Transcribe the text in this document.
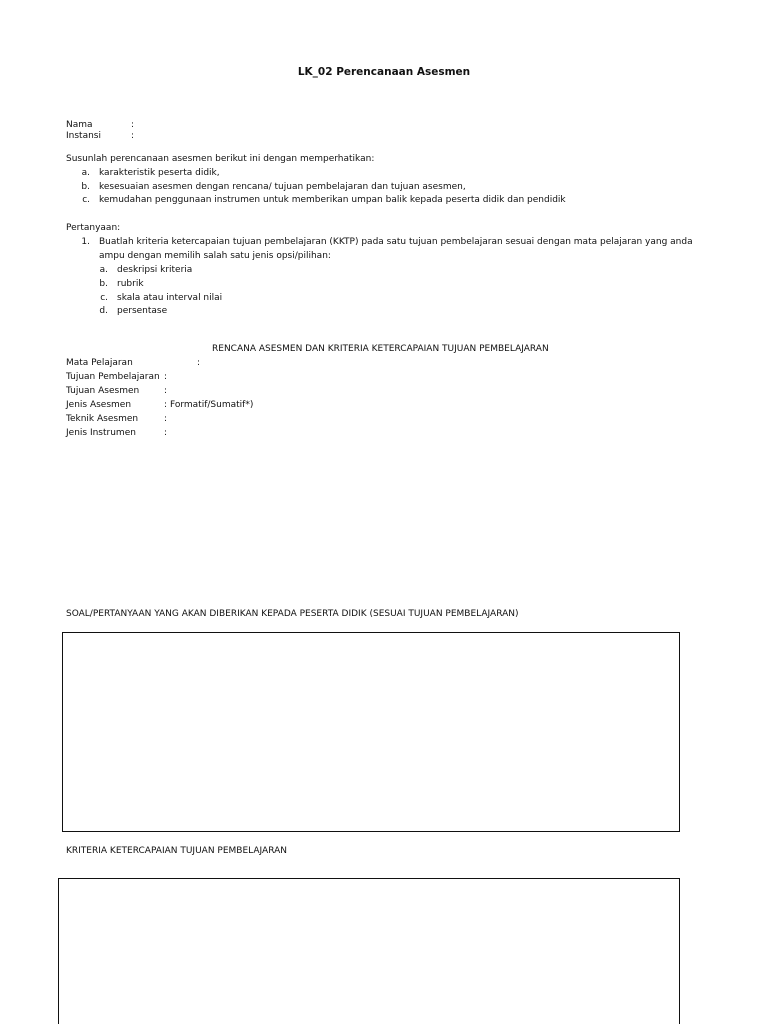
LK_02 Perencanaan Asesmen
Nama	:
Instansi	:
Susunlah perencanaan asesmen berikut ini dengan memperhatikan:
a. karakteristik peserta didik,
b. kesesuaian asesmen dengan rencana/ tujuan pembelajaran dan tujuan asesmen,
c. kemudahan penggunaan instrumen untuk memberikan umpan balik kepada peserta didik dan pendidik
Pertanyaan:
1. Buatlah kriteria ketercapaian tujuan pembelajaran (KKTP) pada satu tujuan pembelajaran sesuai dengan mata pelajaran yang anda
ampu dengan memilih salah satu jenis opsi/pilihan:
a. deskripsi kriteria
b. rubrik
c. skala atau interval nilai
d. persentase
RENCANA ASESMEN DAN KRITERIA KETERCAPAIAN TUJUAN PEMBELAJARAN
Mata Pelajaran	:
Tujuan Pembelajaran :
Tujuan Asesmen	:
Jenis Asesmen	: Formatif/Sumatif*)
Teknik Asesmen	:
Jenis Instrumen	:
SOAL/PERTANYAAN YANG AKAN DIBERIKAN KEPADA PESERTA DIDIK (SESUAI TUJUAN PEMBELAJARAN)
KRITERIA KETERCAPAIAN TUJUAN PEMBELAJARAN
